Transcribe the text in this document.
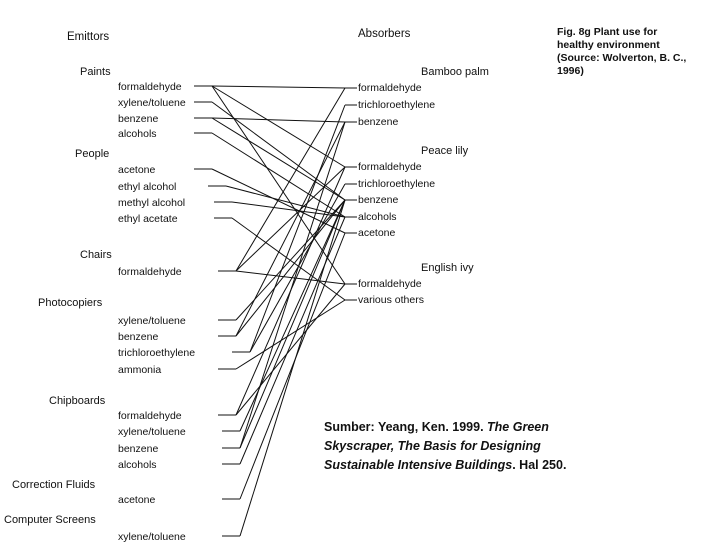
Emittors	Absorbers
Paints
formaldehyde
xylene/toluene
benzene
alcohols
People
acetone
ethyl alcohol
methyl alcohol
ethyl acetate
Chairs
formaldehyde
Photocopiers
xylene/toluene
benzene
trichloroethylene
ammonia
Chipboards
formaldehyde
xylene/toluene
benzene
alcohols
Correction Fluids
acetone
Computer Screens
xylene/toluene
Bamboo palm
formaldehyde
trichloroethylene
benzene
Peace lily
formaldehyde
trichloroethylene
benzene
alcohols
acetone
English ivy
formaldehyde
various others
Fig. 8g Plant use for
healthy environment
(Source: Wolverton, B. C.,
1996)
Sumber: Yeang, Ken. 1999. The Green
Skyscraper, The Basis for Designing
Sustainable Intensive Buildings. Hal 250.
